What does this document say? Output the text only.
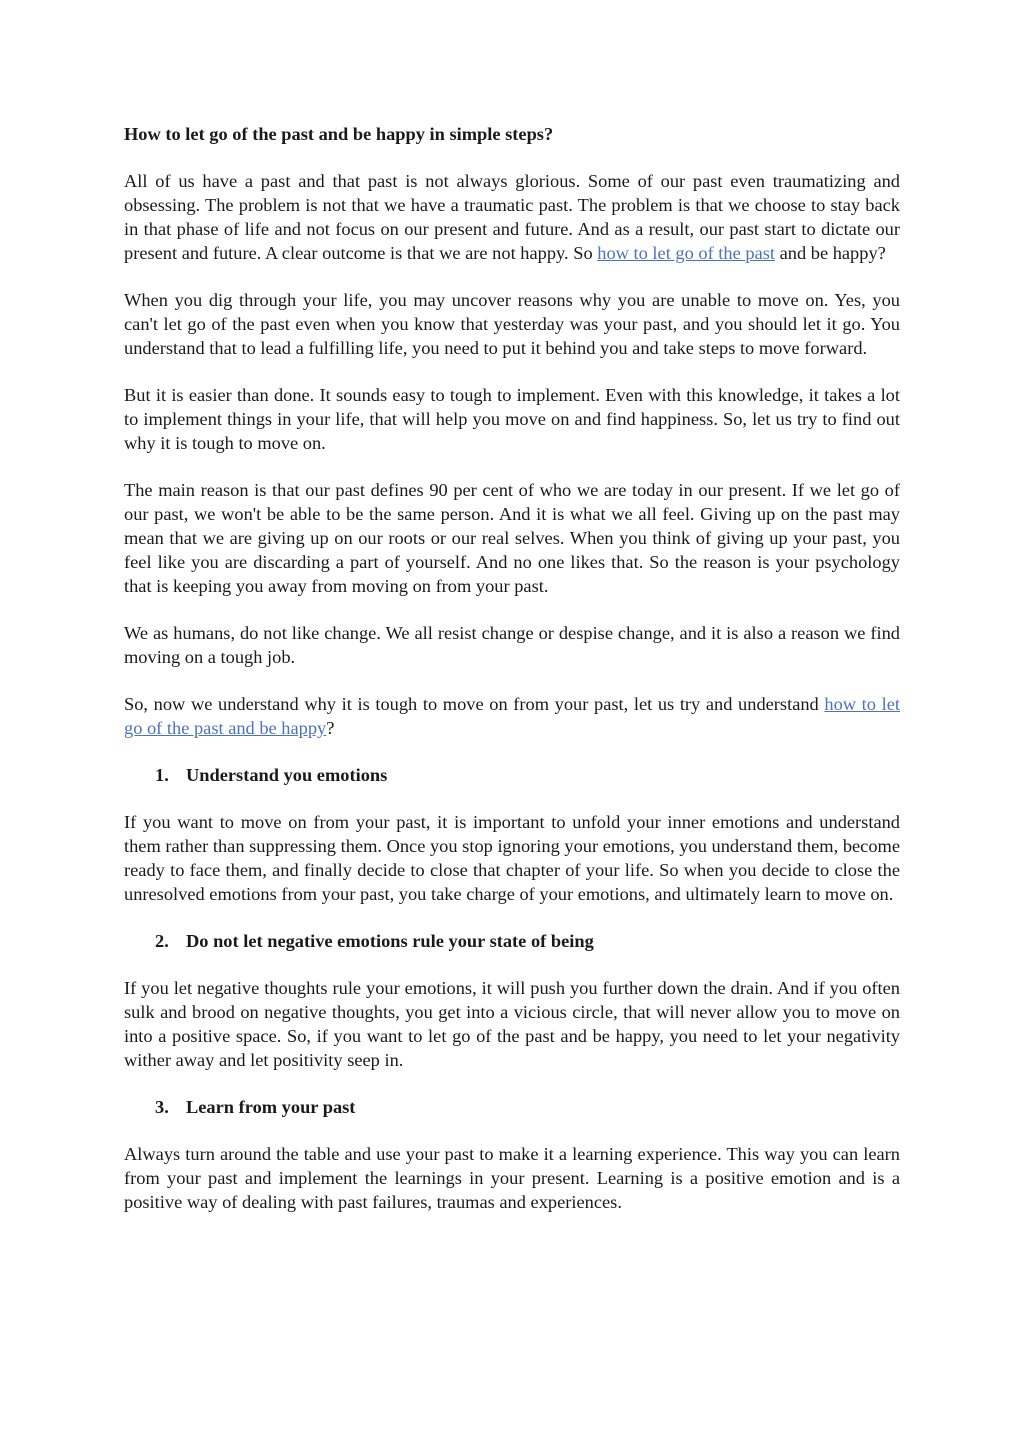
How to let go of the past and be happy in simple steps?

All of us have a past and that past is not always glorious. Some of our past even traumatizing and obsessing. The problem is not that we have a traumatic past. The problem is that we choose to stay back in that phase of life and not focus on our present and future. And as a result, our past start to dictate our present and future. A clear outcome is that we are not happy. So how to let go of the past and be happy?

When you dig through your life, you may uncover reasons why you are unable to move on. Yes, you can't let go of the past even when you know that yesterday was your past, and you should let it go. You understand that to lead a fulfilling life, you need to put it behind you and take steps to move forward.

But it is easier than done. It sounds easy to tough to implement. Even with this knowledge, it takes a lot to implement things in your life, that will help you move on and find happiness. So, let us try to find out why it is tough to move on.

The main reason is that our past defines 90 per cent of who we are today in our present. If we let go of our past, we won't be able to be the same person. And it is what we all feel. Giving up on the past may mean that we are giving up on our roots or our real selves. When you think of giving up your past, you feel like you are discarding a part of yourself. And no one likes that. So the reason is your psychology that is keeping you away from moving on from your past.

We as humans, do not like change. We all resist change or despise change, and it is also a reason we find moving on a tough job.

So, now we understand why it is tough to move on from your past, let us try and understand how to let go of the past and be happy?

1. Understand you emotions

If you want to move on from your past, it is important to unfold your inner emotions and understand them rather than suppressing them. Once you stop ignoring your emotions, you understand them, become ready to face them, and finally decide to close that chapter of your life. So when you decide to close the unresolved emotions from your past, you take charge of your emotions, and ultimately learn to move on.

2. Do not let negative emotions rule your state of being

If you let negative thoughts rule your emotions, it will push you further down the drain. And if you often sulk and brood on negative thoughts, you get into a vicious circle, that will never allow you to move on into a positive space. So, if you want to let go of the past and be happy, you need to let your negativity wither away and let positivity seep in.

3. Learn from your past

Always turn around the table and use your past to make it a learning experience. This way you can learn from your past and implement the learnings in your present. Learning is a positive emotion and is a positive way of dealing with past failures, traumas and experiences.
